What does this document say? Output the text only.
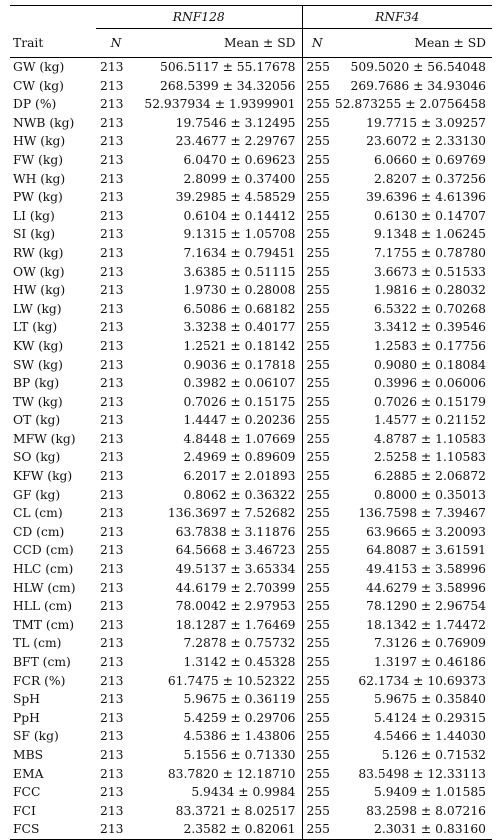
	RNF128		RNF34	
Trait	N	Mean ± SD	N	Mean ± SD
GW (kg)	213	506.5117 ± 55.17678	255	509.5020 ± 56.54048
CW (kg)	213	268.5399 ± 34.32056	255	269.7686 ± 34.93046
DP (%)	213	52.937934 ± 1.9399901	255	52.873255 ± 2.0756458
NWB (kg)	213	19.7546 ± 3.12495	255	19.7715 ± 3.09257
HW (kg)	213	23.4677 ± 2.29767	255	23.6072 ± 2.33130
FW (kg)	213	6.0470 ± 0.69623	255	6.0660 ± 0.69769
WH (kg)	213	2.8099 ± 0.37400	255	2.8207 ± 0.37256
PW (kg)	213	39.2985 ± 4.58529	255	39.6396 ± 4.61396
LI (kg)	213	0.6104 ± 0.14412	255	0.6130 ± 0.14707
SI (kg)	213	9.1315 ± 1.05708	255	9.1348 ± 1.06245
RW (kg)	213	7.1634 ± 0.79451	255	7.1755 ± 0.78780
OW (kg)	213	3.6385 ± 0.51115	255	3.6673 ± 0.51533
HW (kg)	213	1.9730 ± 0.28008	255	1.9816 ± 0.28032
LW (kg)	213	6.5086 ± 0.68182	255	6.5322 ± 0.70268
LT (kg)	213	3.3238 ± 0.40177	255	3.3412 ± 0.39546
KW (kg)	213	1.2521 ± 0.18142	255	1.2583 ± 0.17756
SW (kg)	213	0.9036 ± 0.17818	255	0.9080 ± 0.18084
BP (kg)	213	0.3982 ± 0.06107	255	0.3996 ± 0.06006
TW (kg)	213	0.7026 ± 0.15175	255	0.7026 ± 0.15179
OT (kg)	213	1.4447 ± 0.20236	255	1.4577 ± 0.21152
MFW (kg)	213	4.8448 ± 1.07669	255	4.8787 ± 1.10583
SO (kg)	213	2.4969 ± 0.89609	255	2.5258 ± 1.10583
KFW (kg)	213	6.2017 ± 2.01893	255	6.2885 ± 2.06872
GF (kg)	213	0.8062 ± 0.36322	255	0.8000 ± 0.35013
CL (cm)	213	136.3697 ± 7.52682	255	136.7598 ± 7.39467
CD (cm)	213	63.7838 ± 3.11876	255	63.9665 ± 3.20093
CCD (cm)	213	64.5668 ± 3.46723	255	64.8087 ± 3.61591
HLC (cm)	213	49.5137 ± 3.65334	255	49.4153 ± 3.58996
HLW (cm)	213	44.6179 ± 2.70399	255	44.6279 ± 3.58996
HLL (cm)	213	78.0042 ± 2.97953	255	78.1290 ± 2.96754
TMT (cm)	213	18.1287 ± 1.76469	255	18.1342 ± 1.74472
TL (cm)	213	7.2878 ± 0.75732	255	7.3126 ± 0.76909
BFT (cm)	213	1.3142 ± 0.45328	255	1.3197 ± 0.46186
FCR (%)	213	61.7475 ± 10.52322	255	62.1734 ± 10.69373
SpH	213	5.9675 ± 0.36119	255	5.9675 ± 0.35840
PpH	213	5.4259 ± 0.29706	255	5.4124 ± 0.29315
SF (kg)	213	4.5386 ± 1.43806	255	4.5466 ± 1.44030
MBS	213	5.1556 ± 0.71330	255	5.126 ± 0.71532
EMA	213	83.7820 ± 12.18710	255	83.5498 ± 12.33113
FCC	213	5.9434 ± 0.9984	255	5.9409 ± 1.01585
FCI	213	83.3721 ± 8.02517	255	83.2598 ± 8.07216
FCS	213	2.3582 ± 0.82061	255	2.3031 ± 0.83160
